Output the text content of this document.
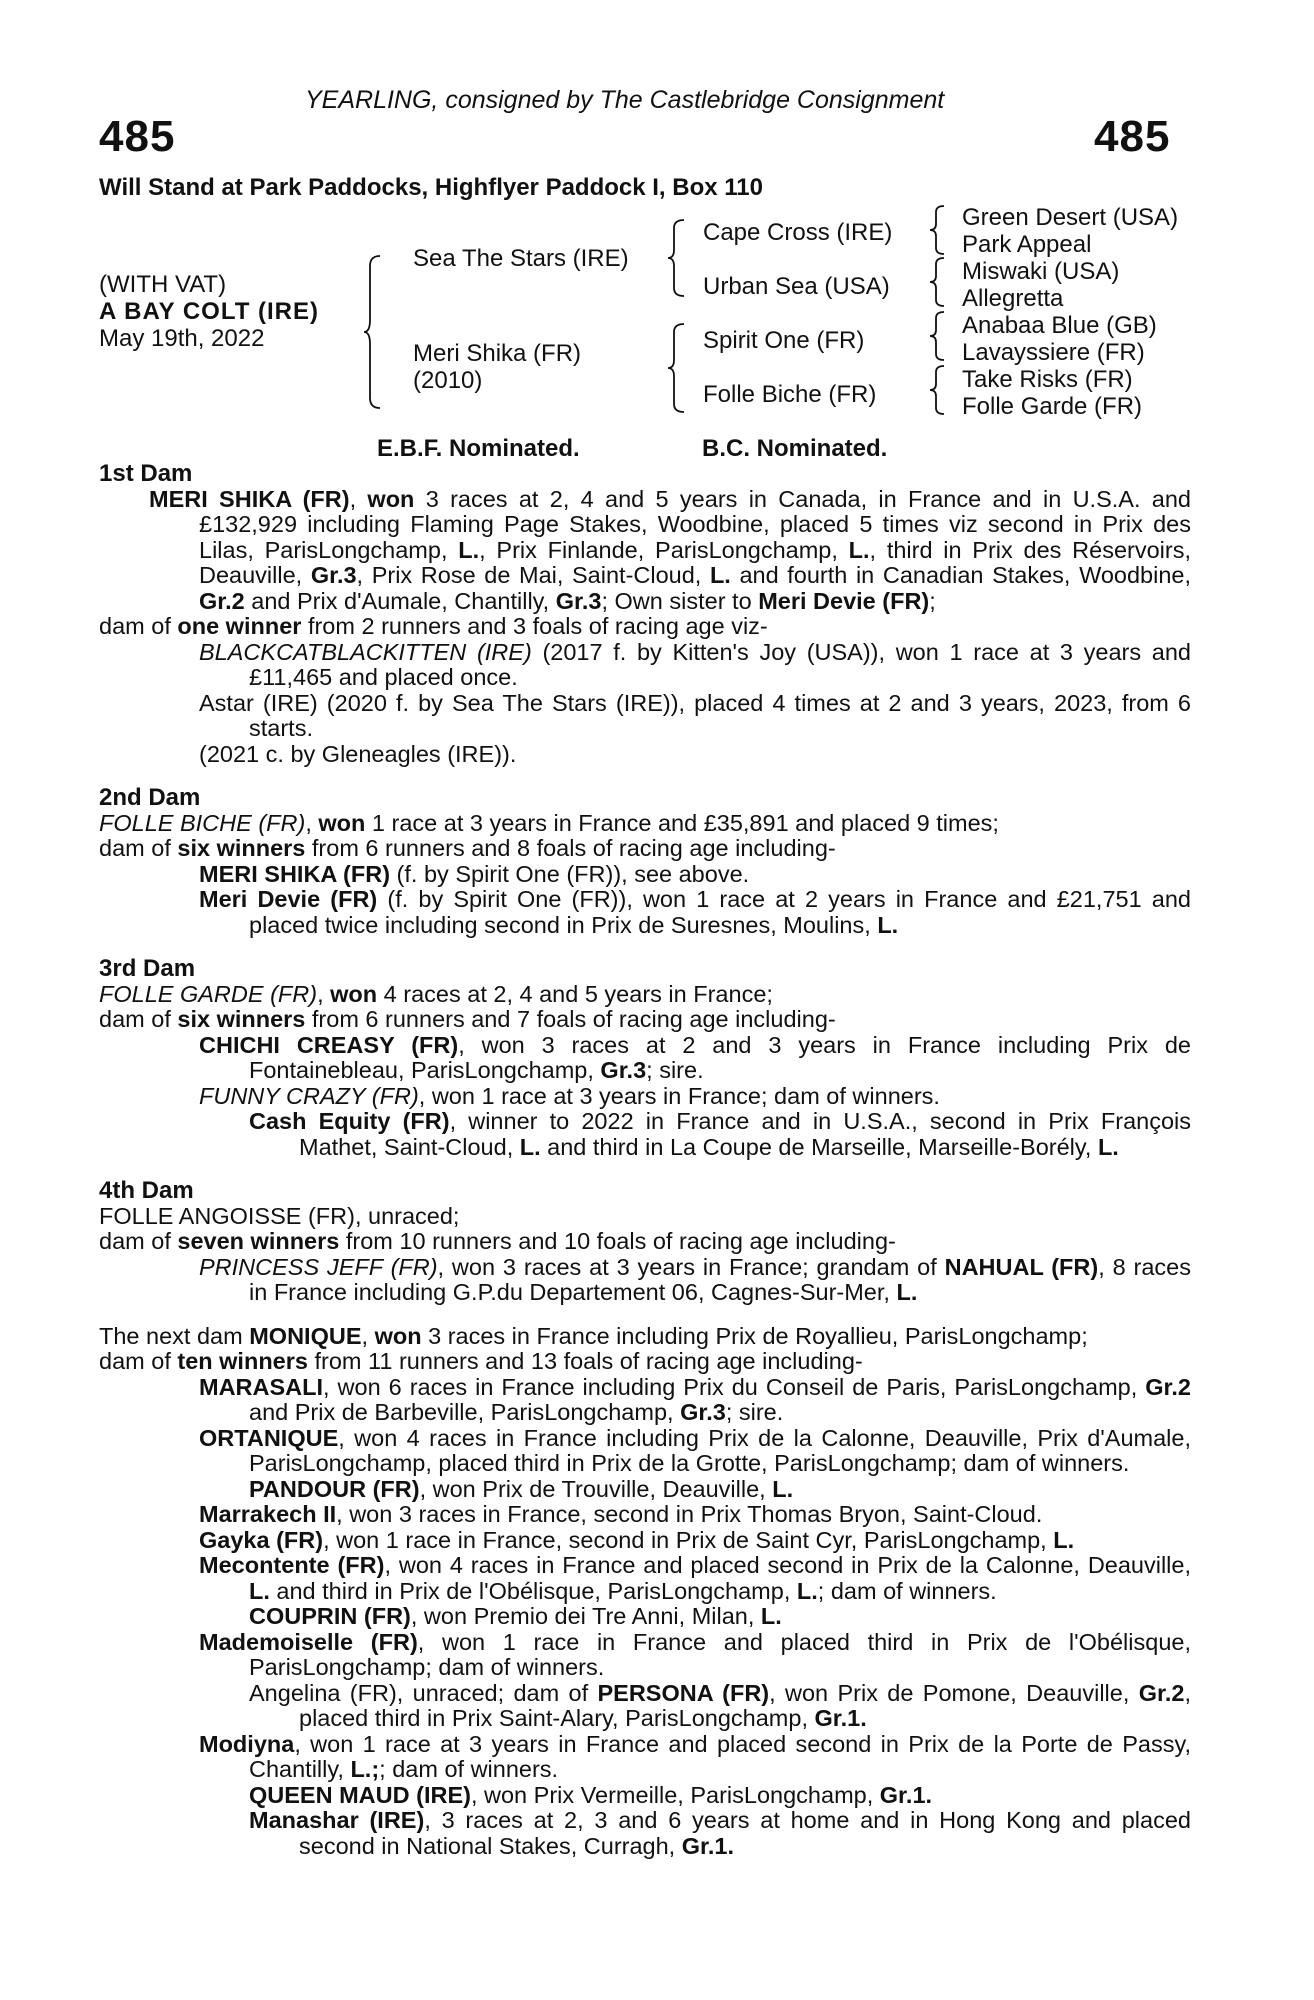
YEARLING, consigned by The Castlebridge Consignment
485	485
Will Stand at Park Paddocks, Highflyer Paddock I, Box 110
(WITH VAT)
A BAY COLT (IRE)
May 19th, 2022
Sea The Stars (IRE)
Meri Shika (FR)
(2010)
Cape Cross (IRE)
Urban Sea (USA)
Spirit One (FR)
Folle Biche (FR)
Green Desert (USA)
Park Appeal
Miswaki (USA)
Allegretta
Anabaa Blue (GB)
Lavayssiere (FR)
Take Risks (FR)
Folle Garde (FR)
E.B.F. Nominated.	B.C. Nominated.
1st Dam
MERI SHIKA (FR), won 3 races at 2, 4 and 5 years in Canada, in France and in U.S.A. and £132,929 including Flaming Page Stakes, Woodbine, placed 5 times viz second in Prix des Lilas, ParisLongchamp, L., Prix Finlande, ParisLongchamp, L., third in Prix des Réservoirs, Deauville, Gr.3, Prix Rose de Mai, Saint-Cloud, L. and fourth in Canadian Stakes, Woodbine, Gr.2 and Prix d'Aumale, Chantilly, Gr.3; Own sister to Meri Devie (FR);
dam of one winner from 2 runners and 3 foals of racing age viz-
BLACKCATBLACKITTEN (IRE) (2017 f. by Kitten's Joy (USA)), won 1 race at 3 years and £11,465 and placed once.
Astar (IRE) (2020 f. by Sea The Stars (IRE)), placed 4 times at 2 and 3 years, 2023, from 6 starts.
(2021 c. by Gleneagles (IRE)).
2nd Dam
FOLLE BICHE (FR), won 1 race at 3 years in France and £35,891 and placed 9 times;
dam of six winners from 6 runners and 8 foals of racing age including-
MERI SHIKA (FR) (f. by Spirit One (FR)), see above.
Meri Devie (FR) (f. by Spirit One (FR)), won 1 race at 2 years in France and £21,751 and placed twice including second in Prix de Suresnes, Moulins, L.
3rd Dam
FOLLE GARDE (FR), won 4 races at 2, 4 and 5 years in France;
dam of six winners from 6 runners and 7 foals of racing age including-
CHICHI CREASY (FR), won 3 races at 2 and 3 years in France including Prix de Fontainebleau, ParisLongchamp, Gr.3; sire.
FUNNY CRAZY (FR), won 1 race at 3 years in France; dam of winners.
Cash Equity (FR), winner to 2022 in France and in U.S.A., second in Prix François Mathet, Saint-Cloud, L. and third in La Coupe de Marseille, Marseille-Borély, L.
4th Dam
FOLLE ANGOISSE (FR), unraced;
dam of seven winners from 10 runners and 10 foals of racing age including-
PRINCESS JEFF (FR), won 3 races at 3 years in France; grandam of NAHUAL (FR), 8 races in France including G.P.du Departement 06, Cagnes-Sur-Mer, L.
The next dam MONIQUE, won 3 races in France including Prix de Royallieu, ParisLongchamp;
dam of ten winners from 11 runners and 13 foals of racing age including-
MARASALI, won 6 races in France including Prix du Conseil de Paris, ParisLongchamp, Gr.2 and Prix de Barbeville, ParisLongchamp, Gr.3; sire.
ORTANIQUE, won 4 races in France including Prix de la Calonne, Deauville, Prix d'Aumale, ParisLongchamp, placed third in Prix de la Grotte, ParisLongchamp; dam of winners.
PANDOUR (FR), won Prix de Trouville, Deauville, L.
Marrakech II, won 3 races in France, second in Prix Thomas Bryon, Saint-Cloud.
Gayka (FR), won 1 race in France, second in Prix de Saint Cyr, ParisLongchamp, L.
Mecontente (FR), won 4 races in France and placed second in Prix de la Calonne, Deauville, L. and third in Prix de l'Obélisque, ParisLongchamp, L.; dam of winners.
COUPRIN (FR), won Premio dei Tre Anni, Milan, L.
Mademoiselle (FR), won 1 race in France and placed third in Prix de l'Obélisque, ParisLongchamp; dam of winners.
Angelina (FR), unraced; dam of PERSONA (FR), won Prix de Pomone, Deauville, Gr.2, placed third in Prix Saint-Alary, ParisLongchamp, Gr.1.
Modiyna, won 1 race at 3 years in France and placed second in Prix de la Porte de Passy, Chantilly, L.;; dam of winners.
QUEEN MAUD (IRE), won Prix Vermeille, ParisLongchamp, Gr.1.
Manashar (IRE), 3 races at 2, 3 and 6 years at home and in Hong Kong and placed second in National Stakes, Curragh, Gr.1.
